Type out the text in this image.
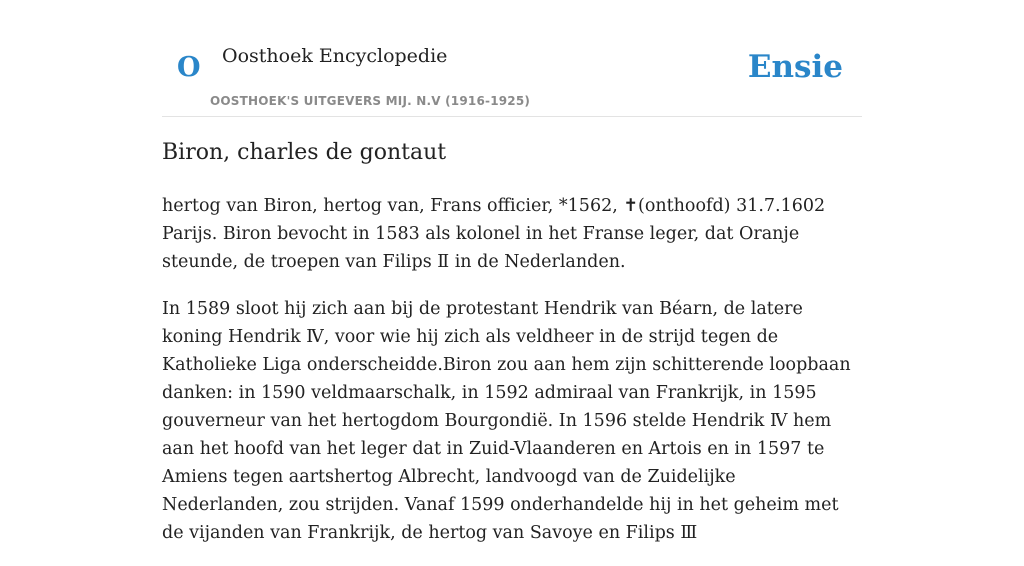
O Oosthoek Encyclopedie
OOSTHOEK'S UITGEVERS MIJ. N.V (1916-1925)
Ensie
Biron, charles de gontaut

hertog van Biron, hertog van, Frans officier, *1562, ✝(onthoofd) 31.7.1602 Parijs. Biron bevocht in 1583 als kolonel in het Franse leger, dat Oranje steunde, de troepen van Filips Ⅱ in de Nederlanden.

In 1589 sloot hij zich aan bij de protestant Hendrik van Béarn, de latere koning Hendrik Ⅳ, voor wie hij zich als veldheer in de strijd tegen de Katholieke Liga onderscheidde.Biron zou aan hem zijn schitterende loopbaan danken: in 1590 veldmaarschalk, in 1592 admiraal van Frankrijk, in 1595 gouverneur van het hertogdom Bourgondië. In 1596 stelde Hendrik Ⅳ hem aan het hoofd van het leger dat in Zuid-Vlaanderen en Artois en in 1597 te Amiens tegen aartshertog Albrecht, landvoogd van de Zuidelijke Nederlanden, zou strijden. Vanaf 1599 onderhandelde hij in het geheim met de vijanden van Frankrijk, de hertog van Savoye en Filips Ⅲ
